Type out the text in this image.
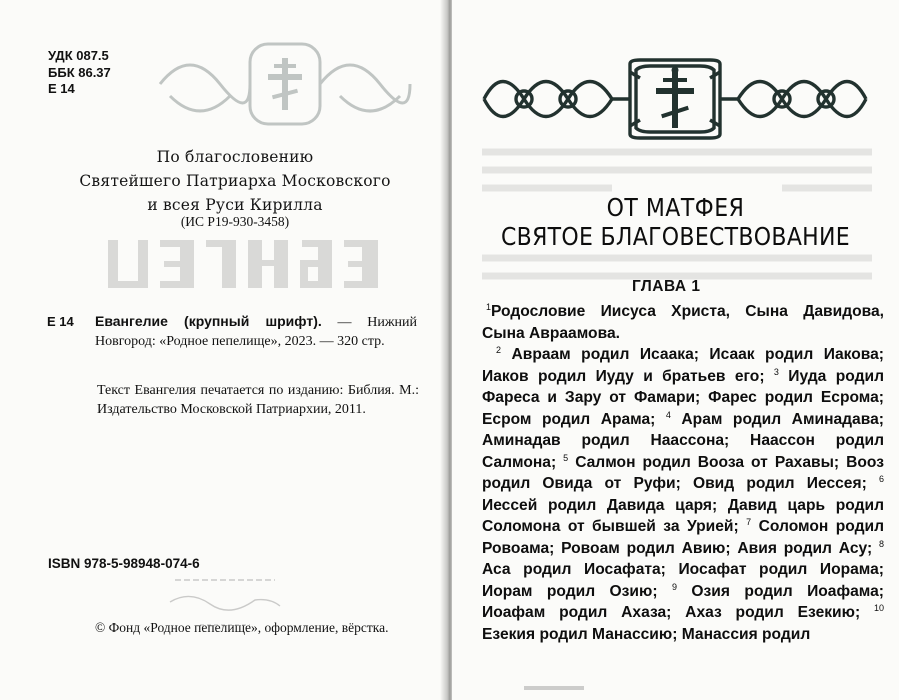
УДК 087.5
ББК 86.37
Е 14
По благословению
Святейшего Патриарха Московского
и всея Руси Кирилла
(ИС Р19-930-3458)
Е 14 Евангелие (крупный шрифт). — Нижний Новгород: «Родное пепелище», 2023. — 320 стр.
Текст Евангелия печатается по изданию: Библия. М.: Издательство Московской Патриархии, 2011.
ISBN 978-5-98948-074-6
© Фонд «Родное пепелище», оформление, вёрстка.
ОТ МАТФЕЯ
СВЯТОЕ БЛАГОВЕСТВОВАНИЕ
ГЛАВА 1
$^1$Родословие Иисуса Христа, Сына Давидова, Сына Авраамова.
$^2$ Авраам родил Исаака; Исаак родил Иакова; Иаков родил Иуду и братьев его; $^3$ Иуда родил Фареса и Зару от Фамари; Фарес родил Есрома; Есром родил Арама; $^4$ Арам родил Аминадава; Аминадав родил Наассона; Наассон родил Салмона; $^5$ Салмон родил Вооза от Рахавы; Вооз родил Овида от Руфи; Овид родил Иессея; $^6$ Иессей родил Давида царя; Давид царь родил Соломона от бывшей за Урией; $^7$ Соломон родил Ровоама; Ровоам родил Авию; Авия родил Асу; $^8$ Аса родил Иосафата; Иосафат родил Иорама; Иорам родил Озию; $^9$ Озия родил Иоафама; Иоафам родил Ахаза; Ахаз родил Езекию; $^{10}$ Езекия родил Манассию; Манассия родил
